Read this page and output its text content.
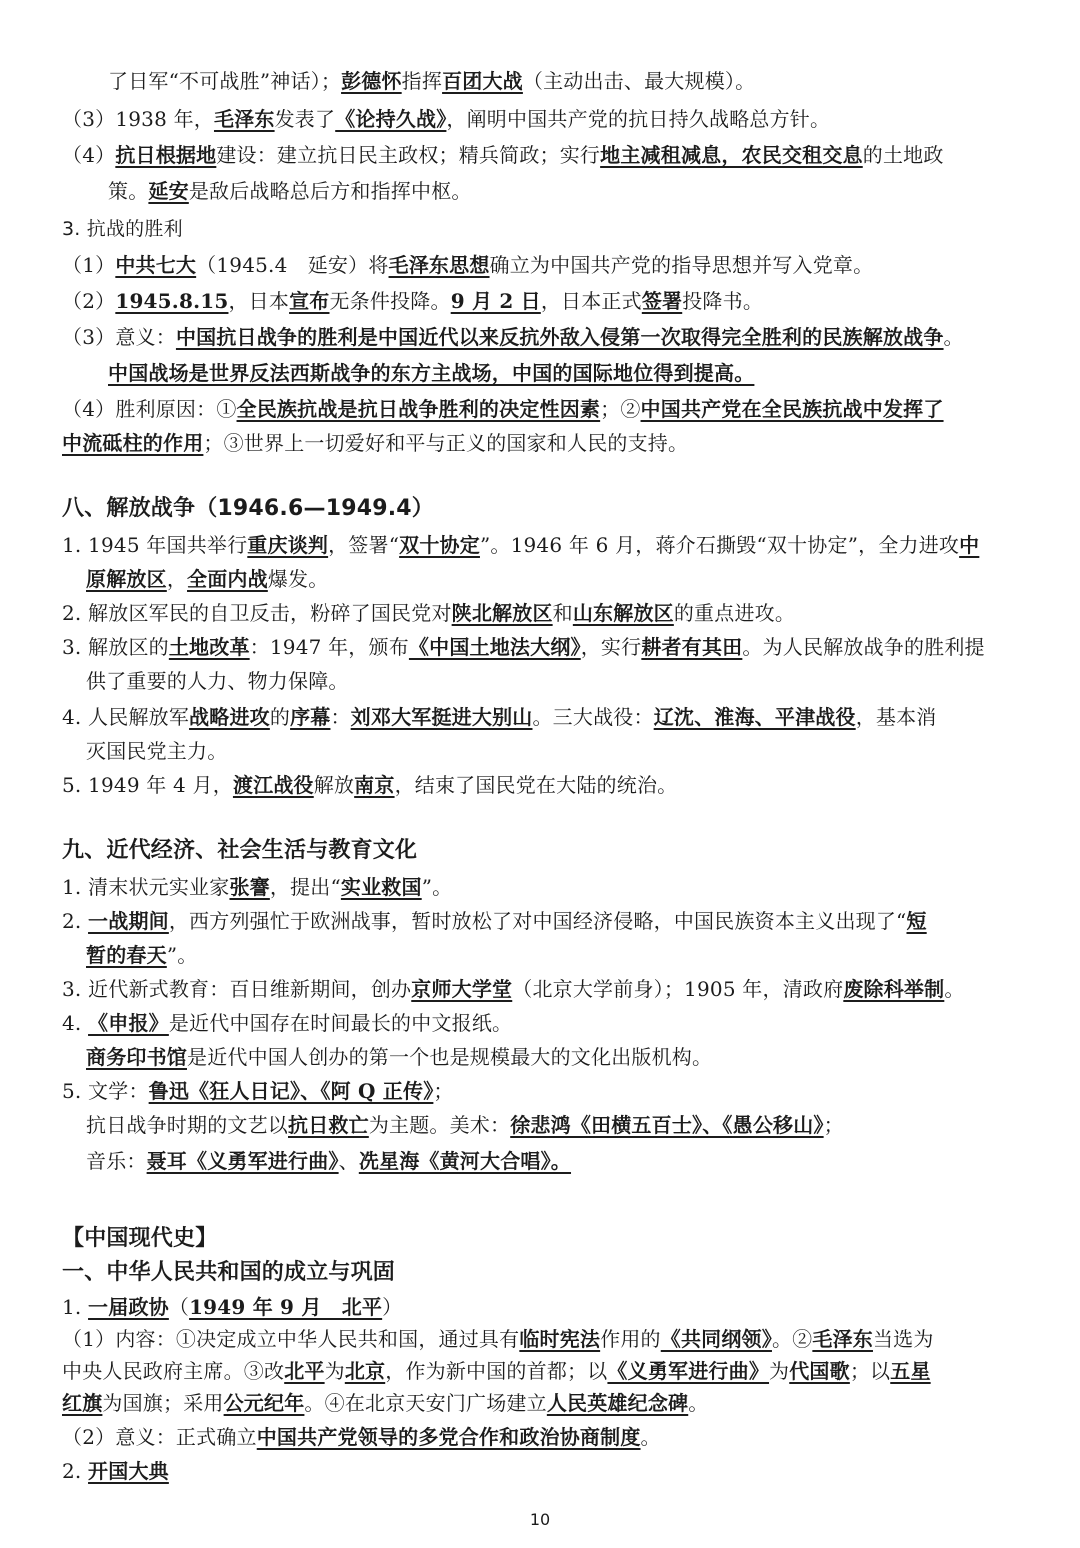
了日军“不可战胜”神话）；彭德怀指挥百团大战（主动出击、最大规模）。
（3）1938 年，毛泽东发表了《论持久战》，阐明中国共产党的抗日持久战略总方针。
（4）抗日根据地建设：建立抗日民主政权；精兵简政；实行地主减租减息，农民交租交息的土地政
策。延安是敌后战略总后方和指挥中枢。
3. 抗战的胜利
（1）中共七大（1945.4　延安）将毛泽东思想确立为中国共产党的指导思想并写入党章。
（2）1945.8.15，日本宣布无条件投降。9 月 2 日，日本正式签署投降书。
（3）意义：中国抗日战争的胜利是中国近代以来反抗外敌入侵第一次取得完全胜利的民族解放战争。
中国战场是世界反法西斯战争的东方主战场，中国的国际地位得到提高。
（4）胜利原因：①全民族抗战是抗日战争胜利的决定性因素；②中国共产党在全民族抗战中发挥了
中流砥柱的作用；③世界上一切爱好和平与正义的国家和人民的支持。
八、解放战争（1946.6—1949.4）
1. 1945 年国共举行重庆谈判，签署“双十协定”。1946 年 6 月，蒋介石撕毁“双十协定”，全力进攻中
原解放区，全面内战爆发。
2. 解放区军民的自卫反击，粉碎了国民党对陕北解放区和山东解放区的重点进攻。
3. 解放区的土地改革：1947 年，颁布《中国土地法大纲》，实行耕者有其田。为人民解放战争的胜利提
供了重要的人力、物力保障。
4. 人民解放军战略进攻的序幕：刘邓大军挺进大别山。三大战役：辽沈、淮海、平津战役，基本消
灭国民党主力。
5. 1949 年 4 月，渡江战役解放南京，结束了国民党在大陆的统治。
九、近代经济、社会生活与教育文化
1. 清末状元实业家张謇，提出“实业救国”。
2. 一战期间，西方列强忙于欧洲战事，暂时放松了对中国经济侵略，中国民族资本主义出现了“短
暂的春天”。
3. 近代新式教育：百日维新期间，创办京师大学堂（北京大学前身）；1905 年，清政府废除科举制。
4. 《申报》是近代中国存在时间最长的中文报纸。
商务印书馆是近代中国人创办的第一个也是规模最大的文化出版机构。
5. 文学：鲁迅《狂人日记》、《阿 Q 正传》；
抗日战争时期的文艺以抗日救亡为主题。美术：徐悲鸿《田横五百士》、《愚公移山》；
音乐：聂耳《义勇军进行曲》、冼星海《黄河大合唱》。
【中国现代史】
一、中华人民共和国的成立与巩固
1. 一届政协（1949 年 9 月　北平）
（1）内容：①决定成立中华人民共和国，通过具有临时宪法作用的《共同纲领》。②毛泽东当选为
中央人民政府主席。③改北平为北京，作为新中国的首都；以《义勇军进行曲》为代国歌；以五星
红旗为国旗；采用公元纪年。④在北京天安门广场建立人民英雄纪念碑。
（2）意义：正式确立中国共产党领导的多党合作和政治协商制度。
2. 开国大典
10
